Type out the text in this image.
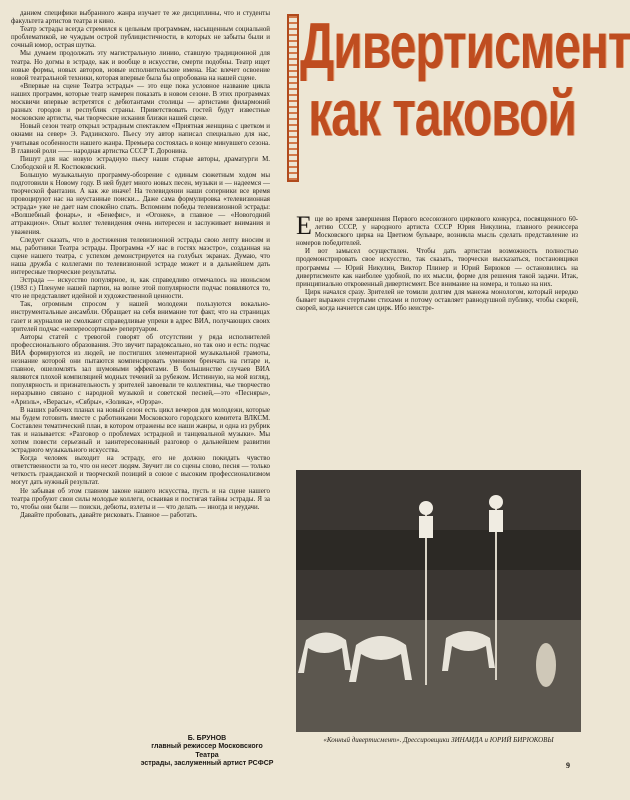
данием специфики выбранного жанра изучает те же дисциплины, что и студенты факультета артистов театра и кино.

Театр эстрады всегда стремился к цельным программам, насыщенным социальной проблематикой, не чуждым острой публицистичности, в которых не забыты были и сочный юмор, острая шутка.

Мы думаем продолжать эту магистральную линию, ставшую традиционной для театра. Но догмы в эстраде, как и вообще в искусстве, смерти подобны. Театр ищет новые формы, новых авторов, новые исполнительские имена. Нас влечет освоение новой театральной техники, которая впервые была бы опробована на нашей сцене.

«Впервые на сцене Театра эстрады» — это еще пока условное название цикла наших программ, которые театр намерен показать в новом сезоне. В этих программах москвичи впервые встретятся с дебютантами столицы — артистами филармоний разных городов и республик страны. Приветствовать гостей будут известные московские артисты, чьи творческие искания близки нашей сцене.

Новый сезон театр открыл эстрадным спектаклем «Приятная женщина с цветком и окнами на север» Э. Радзинского. Пьесу эту автор написал специально для нас, учитывая особенности нашего жанра. Премьера состоялась в конце минувшего сезона. В главной роли —— народная артистка СССР Т. Доронина.

Пишут для нас новую эстрадную пьесу наши старые авторы, драматурги М. Слободской и Я. Костюковский.

Большую музыкальную программу-обозрение с единым сюжетным ходом мы подготовили к Новому году. В ней будет много новых песен, музыки и — надеемся — творческой фантазии. А как же иначе! На телевидении наши соперники все время провоцируют нас на неустанные поиски... Даже сама формулировка «телевизионная эстрада» уже не дает нам спокойно спать. Вспомним победы телевизионной эстрады: «Волшебный фонарь», и «Бенефис», и «Огонек», в главное — «Новогодний аттракцион». Опыт коллег телевидения очень интересен и заслуживает внимания и уважения.

Следует сказать, что в достижения телевизионной эстрады свою лепту вносим и мы, работники Театра эстрады. Программа «У нас в гостях маэстро», созданная на сцене нашего театра, с успехом демонстрируется на голубых экранах. Думаю, что наша дружба с коллегами по телевизионной эстраде может и в дальнейшем дать интересные творческие результаты.

Эстрада — искусство популярное, и, как справедливо отмечалось на июньском (1983 г.) Пленуме нашей партии, на волне этой популярности подчас появляются то, что не представляет идейной и художественной ценности.

Так, огромным спросом у нашей молодежи пользуются вокально-инструментальные ансамбли. Обращает на себя внимание тот факт, что на страницах газет и журналов не смолкают справедливые упреки в адрес ВИА, получающих своих зрителей подчас «непереосортным» репертуаром.

Авторы статей с тревогой говорят об отсутствии у ряда исполнителей профессионального образования. Это звучит парадоксально, но так оно и есть: подчас ВИА формируются из людей, не постигших элементарной музыкальной грамоты, незнание которой они пытаются компенсировать умением бренчать на гитаре и, главное, ошеломлять зал шумовыми эффектами. В большинстве случаев ВИА являются плохой компиляцией модных течений за рубежом. Истинную, на мой взгляд, популярность и признательность у зрителей завоевали те коллективы, чье творчество неразрывно связано с народной музыкой и советской песней,—это «Песняры», «Ариэль», «Верасы», «Сябры», «Золика», «Орэра».

В наших рабочих планах на новый сезон есть цикл вечеров для молодежи, которые мы будем готовить вместе с работниками Московского городского комитета ВЛКСМ. Составлен тематический план, в котором отражены все наши жанры, и одна из рубрик так и называется: «Разговор о проблемах эстрадной и танцевальной музыки». Мы хотим повести серьезный и заинтересованный разговор о дальнейшем развитии эстрадного музыкального искусства.

Когда человек выходит на эстраду, его не должно покидать чувство ответственности за то, что он несет людям. Звучит ли со сцены слово, песня — только четкость гражданской и творческой позиций в союзе с высоким профессионализмом могут дать нужный результат.

Не забывая об этом главном законе нашего искусства, пусть и на сцене нашего театра пробуют свои силы молодые коллеги, осваивая и постигая тайны эстрады. Я за то, чтобы они были — поиски, дебюты, взлеты и — что делать — иногда и неудачи.

Давайте пробовать, давайте рисковать. Главное — работать.

Б. БРУНОВ
главный режиссер Московского Театра
эстрады, заслуженный артист РСФСР
Дивертисмент как таковой

Еще во время завершения Первого всесоюзного циркового конкурса, посвященного 60-летию СССР, у народного артиста СССР Юрия Никулина, главного режиссера Московского цирка на Цветном бульваре, возникла мысль сделать представление из номеров победителей.

И вот замысел осуществлен. Чтобы дать артистам возможность полностью продемонстрировать свое искусство, так сказать, творчески высказаться, постановщики программы — Юрий Никулин, Виктор Плинер и Юрий Бирюков — остановились на дивертисменте как наиболее удобной, по их мысли, форме для решения такой задачи. Итак, принципиально откровенный дивертисмент. Все внимание на номера, и только на них.

Цирк начался сразу. Зрителей не томили долгим для манежа монологом, который нередко бывает выражен стертыми стихами и потому оставляет равнодушной публику, чтобы скорей, скорей, когда начнется сам цирк. Ибо неистре-

«Конный дивертисмент». Дрессировщики ЗИНАИДА и ЮРИЙ БИРЮКОВЫ
9
